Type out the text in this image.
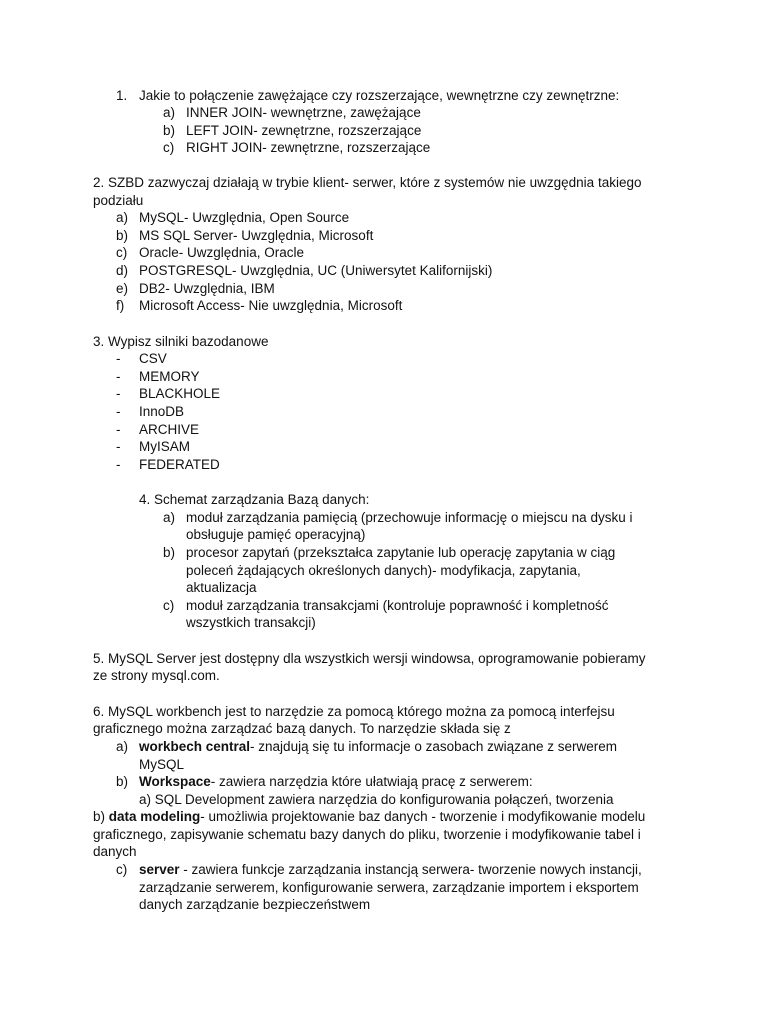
1. Jakie to połączenie zawężające czy rozszerzające, wewnętrzne czy zewnętrzne:
a) INNER JOIN- wewnętrzne, zawężające
b) LEFT JOIN- zewnętrzne, rozszerzające
c) RIGHT JOIN- zewnętrzne, rozszerzające
2. SZBD zazwyczaj działają w trybie klient- serwer, które z systemów nie uwzgędnia takiego
podziału
a) MySQL- Uwzględnia, Open Source
b) MS SQL Server- Uwzględnia, Microsoft
c) Oracle- Uwzględnia, Oracle
d) POSTGRESQL- Uwzględnia, UC (Uniwersytet Kalifornijski)
e) DB2- Uwzględnia, IBM
f) Microsoft Access- Nie uwzględnia, Microsoft
3. Wypisz silniki bazodanowe
- CSV
- MEMORY
- BLACKHOLE
- InnoDB
- ARCHIVE
- MyISAM
- FEDERATED
4. Schemat zarządzania Bazą danych:
a) moduł zarządzania pamięcią (przechowuje informację o miejscu na dysku i
obsługuje pamięć operacyjną)
b) procesor zapytań (przekształca zapytanie lub operację zapytania w ciąg
poleceń żądających określonych danych)- modyfikacja, zapytania,
aktualizacja
c) moduł zarządzania transakcjami (kontroluje poprawność i kompletność
wszystkich transakcji)
5. MySQL Server jest dostępny dla wszystkich wersji windowsa, oprogramowanie pobieramy
ze strony mysql.com.
6. MySQL workbench jest to narzędzie za pomocą którego można za pomocą interfejsu
graficznego można zarządzać bazą danych. To narzędzie składa się z
a) workbech central- znajdują się tu informacje o zasobach związane z serwerem
MySQL
b) Workspace- zawiera narzędzia które ułatwiają pracę z serwerem:
a) SQL Development zawiera narzędzia do konfigurowania połączeń, tworzenia
b) data modeling- umożliwia projektowanie baz danych - tworzenie i modyfikowanie modelu
graficznego, zapisywanie schematu bazy danych do pliku, tworzenie i modyfikowanie tabel i
danych
c) server - zawiera funkcje zarządzania instancją serwera- tworzenie nowych instancji,
zarządzanie serwerem, konfigurowanie serwera, zarządzanie importem i eksportem
danych zarządzanie bezpieczeństwem
